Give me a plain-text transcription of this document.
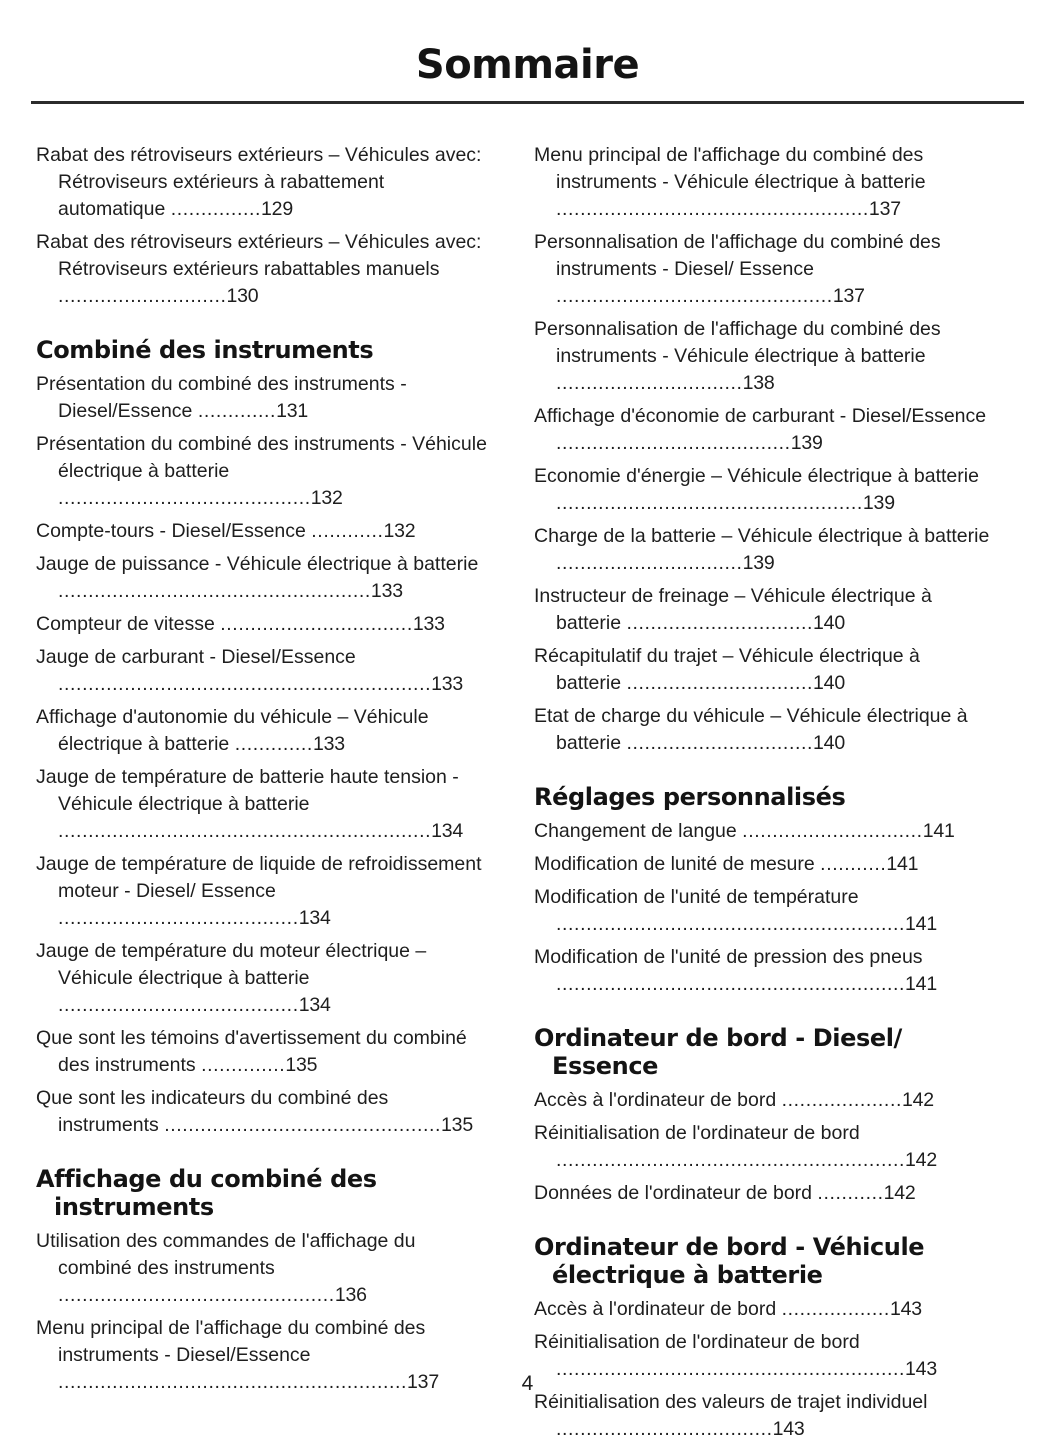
Sommaire
Rabat des rétroviseurs extérieurs – Véhicules avec: Rétroviseurs extérieurs à rabattement automatique ...............129
Rabat des rétroviseurs extérieurs – Véhicules avec: Rétroviseurs extérieurs rabattables manuels ............................130
Combiné des instruments
Présentation du combiné des instruments - Diesel/Essence .............131
Présentation du combiné des instruments - Véhicule électrique à batterie ..........................................132
Compte-tours - Diesel/Essence ............132
Jauge de puissance - Véhicule électrique à batterie ....................................................133
Compteur de vitesse ................................133
Jauge de carburant - Diesel/Essence ..............................................................133
Affichage d'autonomie du véhicule – Véhicule électrique à batterie .............133
Jauge de température de batterie haute tension - Véhicule électrique à batterie ..............................................................134
Jauge de température de liquide de refroidissement moteur - Diesel/ Essence ........................................134
Jauge de température du moteur électrique – Véhicule électrique à batterie ........................................134
Que sont les témoins d'avertissement du combiné des instruments ..............135
Que sont les indicateurs du combiné des instruments ..............................................135
Affichage du combiné des instruments
Utilisation des commandes de l'affichage du combiné des instruments ..............................................136
Menu principal de l'affichage du combiné des instruments - Diesel/Essence ..........................................................137
Menu principal de l'affichage du combiné des instruments - Véhicule électrique à batterie ....................................................137
Personnalisation de l'affichage du combiné des instruments - Diesel/ Essence ..............................................137
Personnalisation de l'affichage du combiné des instruments - Véhicule électrique à batterie ...............................138
Affichage d'économie de carburant - Diesel/Essence .......................................139
Economie d'énergie – Véhicule électrique à batterie ...................................................139
Charge de la batterie – Véhicule électrique à batterie ...............................139
Instructeur de freinage – Véhicule électrique à batterie ...............................140
Récapitulatif du trajet – Véhicule électrique à batterie ...............................140
Etat de charge du véhicule – Véhicule électrique à batterie ...............................140
Réglages personnalisés
Changement de langue ..............................141
Modification de lunité de mesure ...........141
Modification de l'unité de température ..........................................................141
Modification de l'unité de pression des pneus ..........................................................141
Ordinateur de bord - Diesel/ Essence
Accès à l'ordinateur de bord ....................142
Réinitialisation de l'ordinateur de bord ..........................................................142
Données de l'ordinateur de bord ...........142
Ordinateur de bord - Véhicule électrique à batterie
Accès à l'ordinateur de bord ..................143
Réinitialisation de l'ordinateur de bord ..........................................................143
Réinitialisation des valeurs de trajet individuel ....................................143
4
